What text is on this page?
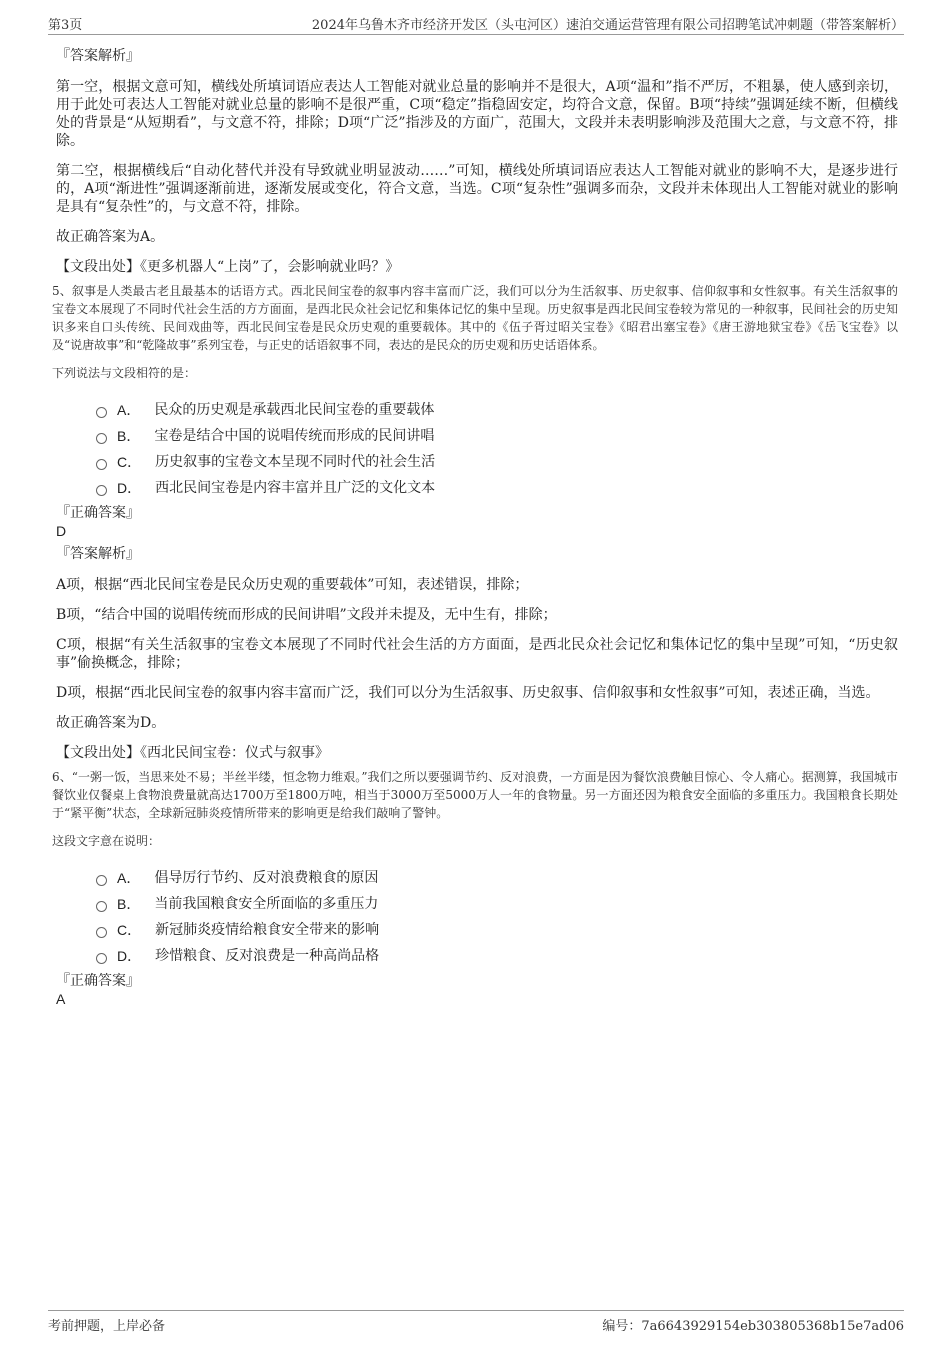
第3页	2024年乌鲁木齐市经济开发区（头屯河区）速泊交通运营管理有限公司招聘笔试冲刺题（带答案解析）

『答案解析』

第一空，根据文意可知，横线处所填词语应表达人工智能对就业总量的影响并不是很大，A项“温和”指不严厉，不粗暴，使人感到亲切，用于此处可表达人工智能对就业总量的影响不是很严重，C项“稳定”指稳固安定，均符合文意，保留。B项“持续”强调延续不断，但横线处的背景是“从短期看”，与文意不符，排除；D项“广泛”指涉及的方面广，范围大，文段并未表明影响涉及范围大之意，与文意不符，排除。

第二空，根据横线后“自动化替代并没有导致就业明显波动……”可知，横线处所填词语应表达人工智能对就业的影响不大，是逐步进行的，A项“渐进性”强调逐渐前进，逐渐发展或变化，符合文意，当选。C项“复杂性”强调多而杂，文段并未体现出人工智能对就业的影响是具有“复杂性”的，与文意不符，排除。

故正确答案为A。

【文段出处】《更多机器人“上岗”了，会影响就业吗？》

5、叙事是人类最古老且最基本的话语方式。西北民间宝卷的叙事内容丰富而广泛，我们可以分为生活叙事、历史叙事、信仰叙事和女性叙事。有关生活叙事的宝卷文本展现了不同时代社会生活的方方面面，是西北民众社会记忆和集体记忆的集中呈现。历史叙事是西北民间宝卷较为常见的一种叙事，民间社会的历史知识多来自口头传统、民间戏曲等，西北民间宝卷是民众历史观的重要载体。其中的《伍子胥过昭关宝卷》《昭君出塞宝卷》《唐王游地狱宝卷》《岳飞宝卷》以及“说唐故事”和“乾隆故事”系列宝卷，与正史的话语叙事不同，表达的是民众的历史观和历史话语体系。

下列说法与文段相符的是：

A． 民众的历史观是承载西北民间宝卷的重要载体
B． 宝卷是结合中国的说唱传统而形成的民间讲唱
C． 历史叙事的宝卷文本呈现不同时代的社会生活
D． 西北民间宝卷是内容丰富并且广泛的文化文本

『正确答案』

D

『答案解析』

A项，根据“西北民间宝卷是民众历史观的重要载体”可知，表述错误，排除；

B项，“结合中国的说唱传统而形成的民间讲唱”文段并未提及，无中生有，排除；

C项，根据“有关生活叙事的宝卷文本展现了不同时代社会生活的方方面面，是西北民众社会记忆和集体记忆的集中呈现”可知，“历史叙事”偷换概念，排除；

D项，根据“西北民间宝卷的叙事内容丰富而广泛，我们可以分为生活叙事、历史叙事、信仰叙事和女性叙事”可知，表述正确，当选。

故正确答案为D。

【文段出处】《西北民间宝卷：仪式与叙事》

6、“一粥一饭，当思来处不易；半丝半缕，恒念物力维艰。”我们之所以要强调节约、反对浪费，一方面是因为餐饮浪费触目惊心、令人痛心。据测算，我国城市餐饮业仅餐桌上食物浪费量就高达1700万至1800万吨，相当于3000万至5000万人一年的食物量。另一方面还因为粮食安全面临的多重压力。我国粮食长期处于“紧平衡”状态，全球新冠肺炎疫情所带来的影响更是给我们敲响了警钟。

这段文字意在说明：

A． 倡导厉行节约、反对浪费粮食的原因
B． 当前我国粮食安全所面临的多重压力
C． 新冠肺炎疫情给粮食安全带来的影响
D． 珍惜粮食、反对浪费是一种高尚品格

『正确答案』

A

考前押题，上岸必备	编号：7a6643929154eb303805368b15e7ad06
